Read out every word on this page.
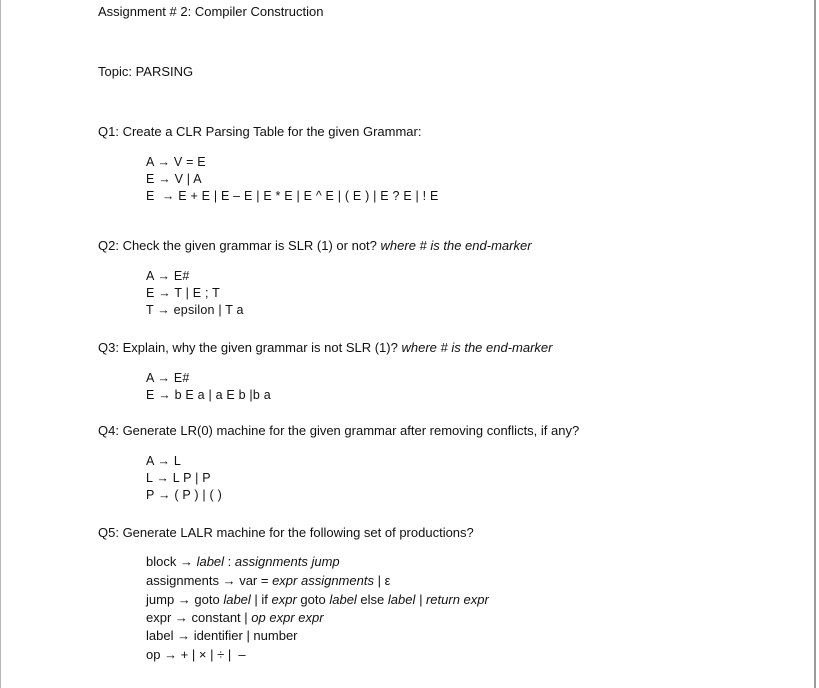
Assignment # 2: Compiler Construction
Topic: PARSING
Q1: Create a CLR Parsing Table for the given Grammar:
A → V = E
E → V | A
E  → E + E | E – E | E * E | E ^ E | ( E ) | E ? E | ! E
Q2: Check the given grammar is SLR (1) or not? where # is the end-marker
A → E#
E → T | E ; T
T → epsilon | T a
Q3: Explain, why the given grammar is not SLR (1)? where # is the end-marker
A → E#
E → b E a | a E b |b a
Q4: Generate LR(0) machine for the given grammar after removing conflicts, if any?
A → L
L → L P | P
P → ( P ) | ( )
Q5: Generate LALR machine for the following set of productions?
block → label : assignments jump
assignments → var = expr assignments | ε
jump → goto label | if expr goto label else label | return expr
expr → constant | op expr expr
label → identifier | number
op → + | × | ÷ |  –
